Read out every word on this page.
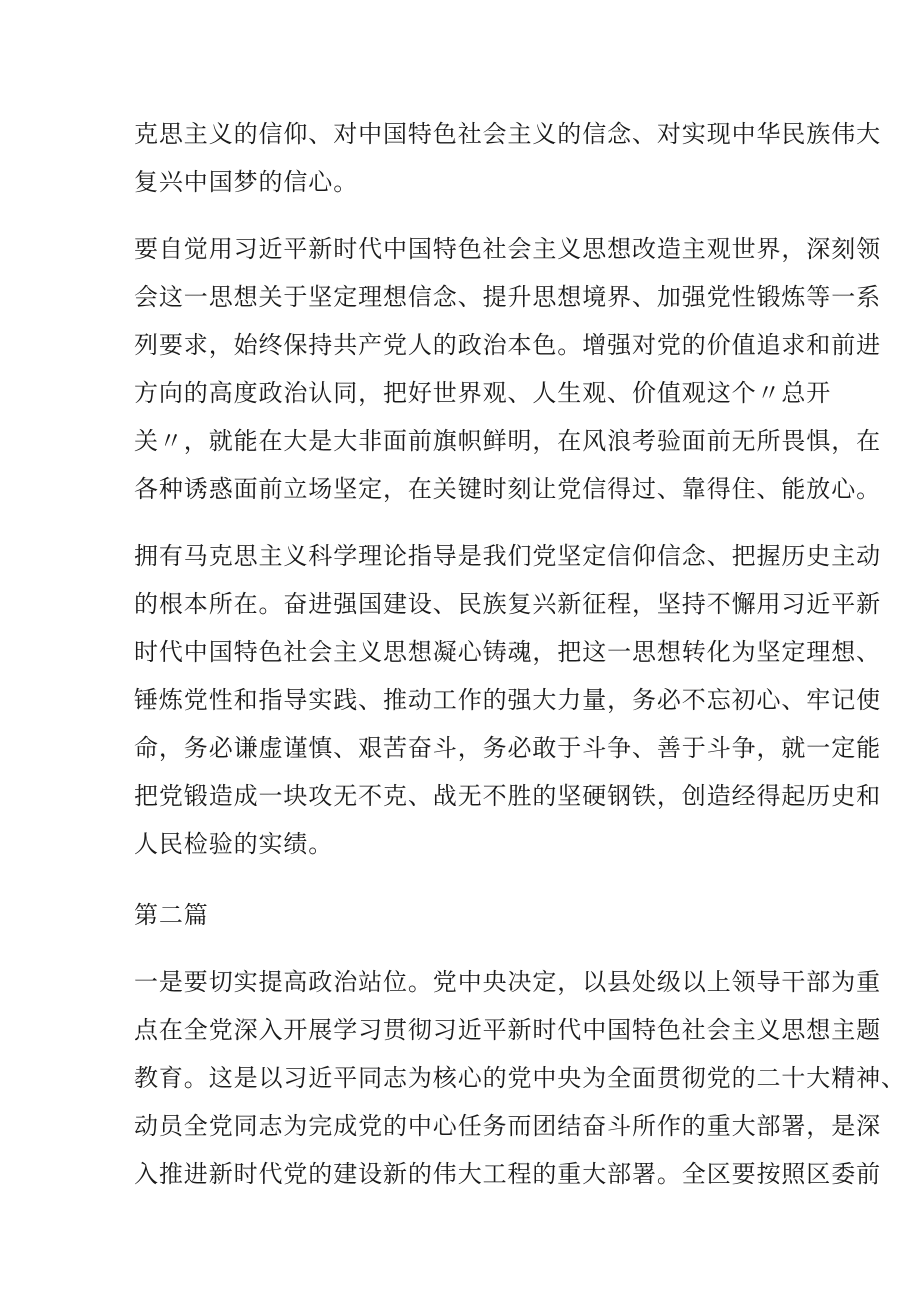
克思主义的信仰、对中国特色社会主义的信念、对实现中华民族伟大
复兴中国梦的信心。
要自觉用习近平新时代中国特色社会主义思想改造主观世界，深刻领
会这一思想关于坚定理想信念、提升思想境界、加强党性锻炼等一系
列要求，始终保持共产党人的政治本色。增强对党的价值追求和前进
方向的高度政治认同，把好世界观、人生观、价值观这个〃总开
关〃，就能在大是大非面前旗帜鲜明，在风浪考验面前无所畏惧，在
各种诱惑面前立场坚定，在关键时刻让党信得过、靠得住、能放心。
拥有马克思主义科学理论指导是我们党坚定信仰信念、把握历史主动
的根本所在。奋进强国建设、民族复兴新征程，坚持不懈用习近平新
时代中国特色社会主义思想凝心铸魂，把这一思想转化为坚定理想、
锤炼党性和指导实践、推动工作的强大力量，务必不忘初心、牢记使
命，务必谦虚谨慎、艰苦奋斗，务必敢于斗争、善于斗争，就一定能
把党锻造成一块攻无不克、战无不胜的坚硬钢铁，创造经得起历史和
人民检验的实绩。
第二篇
一是要切实提高政治站位。党中央决定，以县处级以上领导干部为重
点在全党深入开展学习贯彻习近平新时代中国特色社会主义思想主题
教育。这是以习近平同志为核心的党中央为全面贯彻党的二十大精神、
动员全党同志为完成党的中心任务而团结奋斗所作的重大部署，是深
入推进新时代党的建设新的伟大工程的重大部署。全区要按照区委前
